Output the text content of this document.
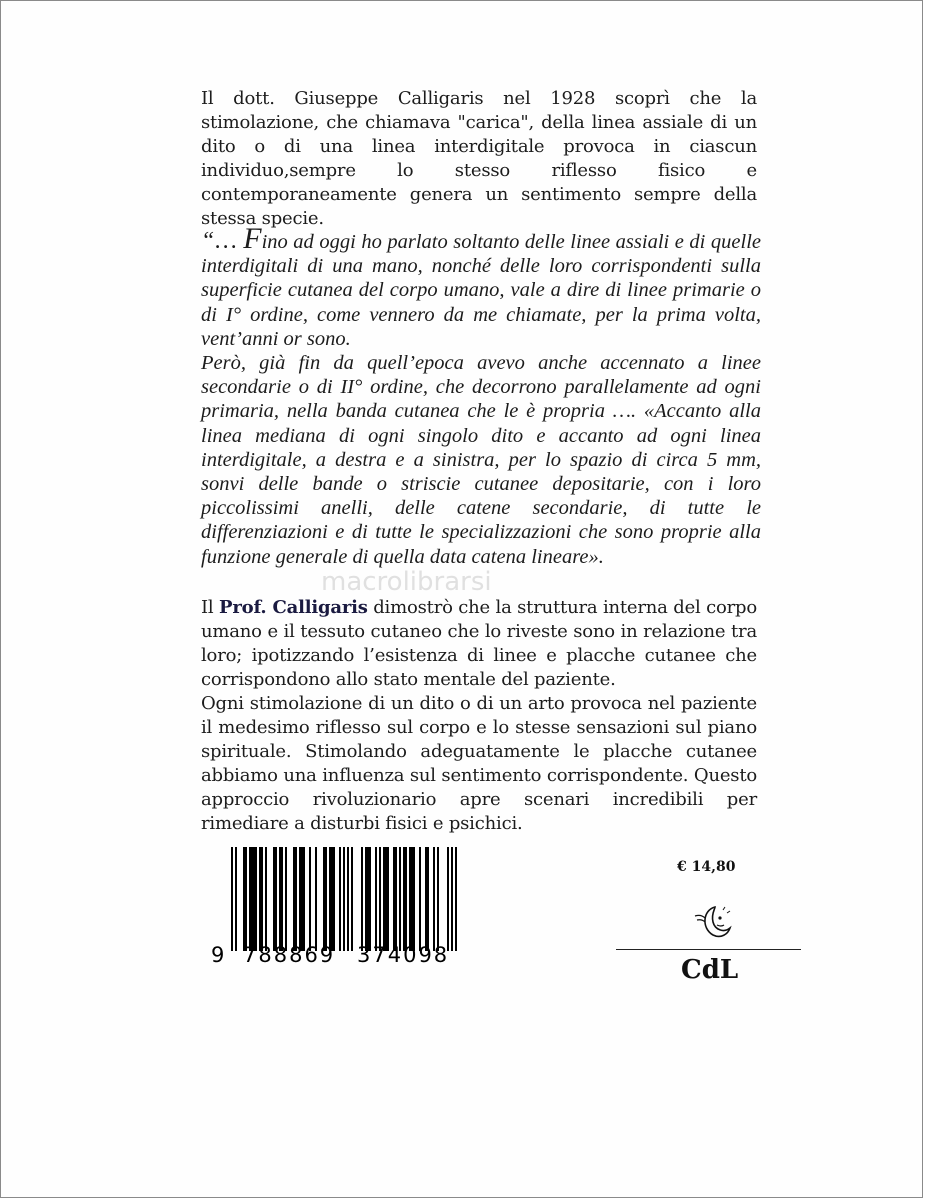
Il dott. Giuseppe Calligaris nel 1928 scoprì che la stimolazione, che chiamava "carica", della linea assiale di un dito o di una linea interdigitale provoca in ciascun individuo,sempre lo stesso riflesso fisico e contemporaneamente genera un sentimento sempre della stessa specie.

“… Fino ad oggi ho parlato soltanto delle linee assiali e di quelle interdigitali di una mano, nonché delle loro corrispondenti sulla superficie cutanea del corpo umano, vale a dire di linee primarie o di I° ordine, come vennero da me chiamate, per la prima volta, vent’anni or sono.
Però, già fin da quell’epoca avevo anche accennato a linee secondarie o di II° ordine, che decorrono parallelamente ad ogni primaria, nella banda cutanea che le è propria …. «Accanto alla linea mediana di ogni singolo dito e accanto ad ogni linea interdigitale, a destra e a sinistra, per lo spazio di circa 5 mm, sonvi delle bande o striscie cutanee depositarie, con i loro piccolissimi anelli, delle catene secondarie, di tutte le differenziazioni e di tutte le specializzazioni che sono proprie alla funzione generale di quella data catena lineare».

macrolibrarsi

Il Prof. Calligaris dimostrò che la struttura interna del corpo umano e il tessuto cutaneo che lo riveste sono in relazione tra loro; ipotizzando l’esistenza di linee e placche cutanee che corrispondono allo stato mentale del paziente.
Ogni stimolazione di un dito o di un arto provoca nel paziente il medesimo riflesso sul corpo e lo stesse sensazioni sul piano spirituale. Stimolando adeguatamente le placche cutanee abbiamo una influenza sul sentimento corrispondente. Questo approccio rivoluzionario apre scenari incredibili per rimediare a disturbi fisici e psichici.

9 788869 374098
€ 14,80
CdL
